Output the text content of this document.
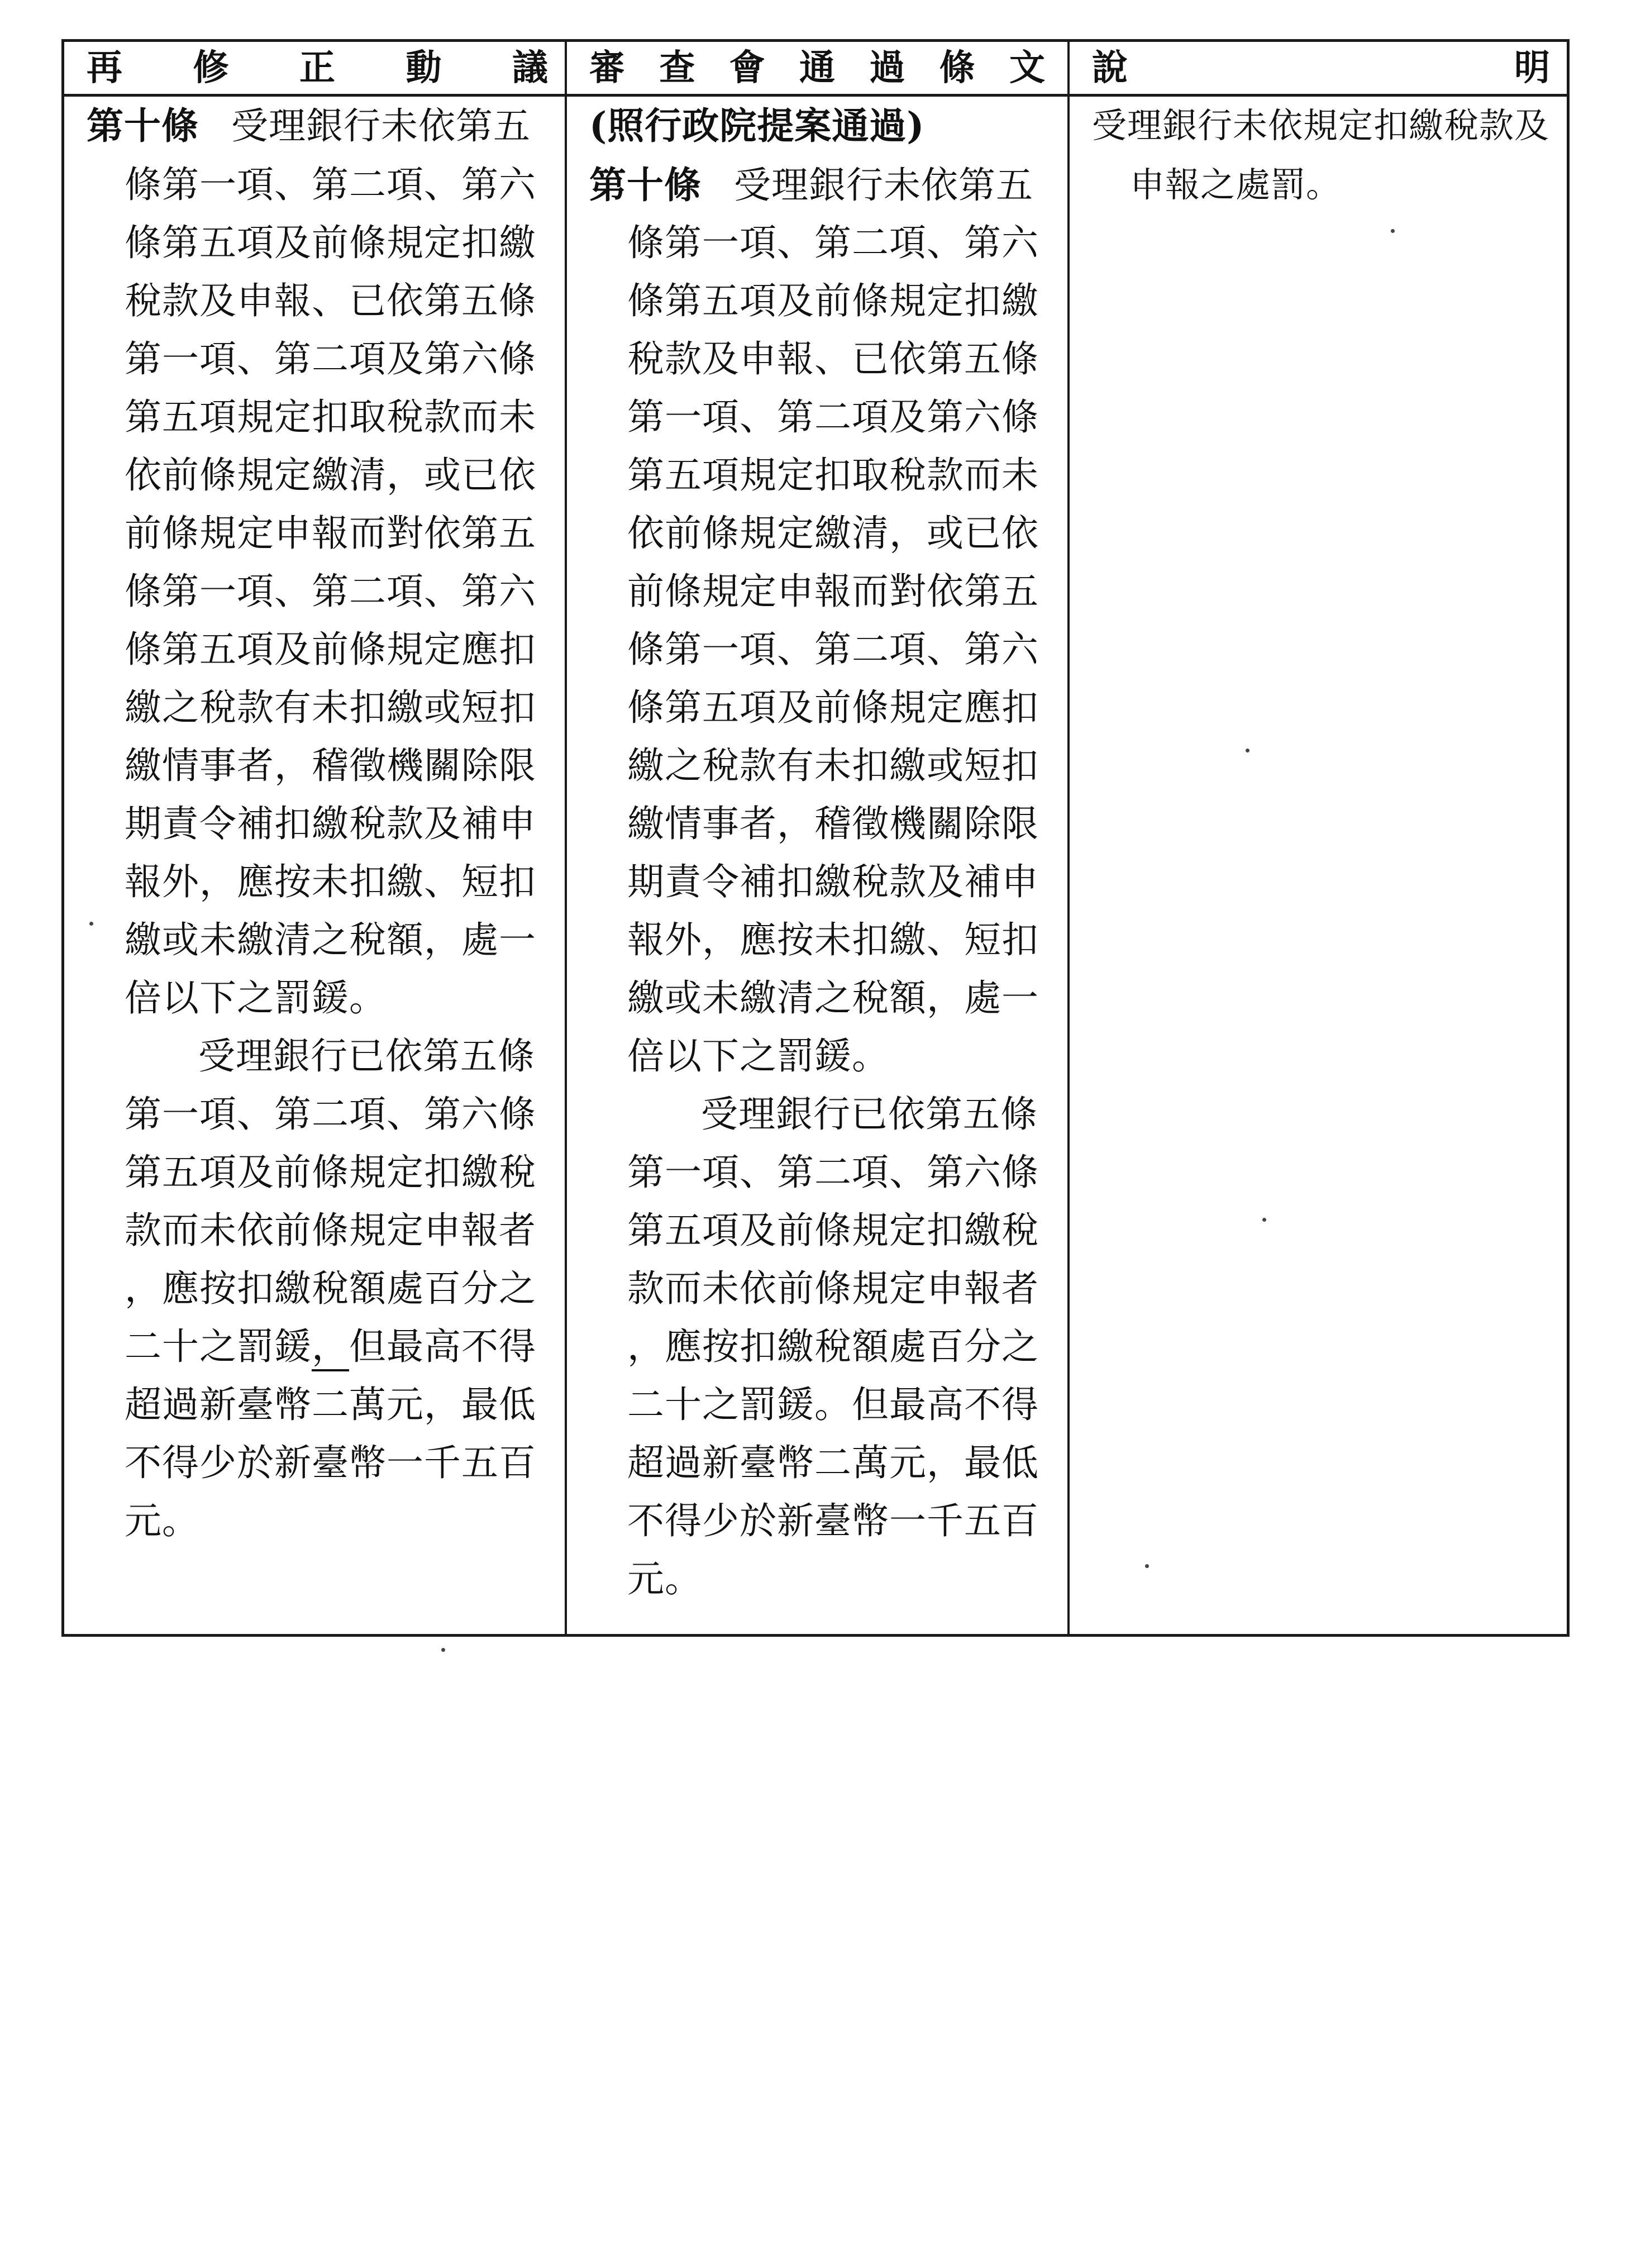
再 修 正 動 議
第十條 受理銀行未依第五
條第一項、第二項、第六
條第五項及前條規定扣繳
稅款及申報、已依第五條
第一項、第二項及第六條
第五項規定扣取稅款而未
依前條規定繳清，或已依
前條規定申報而對依第五
條第一項、第二項、第六
條第五項及前條規定應扣
繳之稅款有未扣繳或短扣
繳情事者，稽徵機關除限
期責令補扣繳稅款及補申
報外，應按未扣繳、短扣
繳或未繳清之稅額，處一
倍以下之罰鍰。
受理銀行已依第五條
第一項、第二項、第六條
第五項及前條規定扣繳稅
款而未依前條規定申報者
，應按扣繳稅額處百分之
二十之罰鍰，但最高不得
超過新臺幣二萬元，最低
不得少於新臺幣一千五百
元。
審 查 會 通 過 條 文
(照行政院提案通過)
第十條 受理銀行未依第五
條第一項、第二項、第六
條第五項及前條規定扣繳
稅款及申報、已依第五條
第一項、第二項及第六條
第五項規定扣取稅款而未
依前條規定繳清，或已依
前條規定申報而對依第五
條第一項、第二項、第六
條第五項及前條規定應扣
繳之稅款有未扣繳或短扣
繳情事者，稽徵機關除限
期責令補扣繳稅款及補申
報外，應按未扣繳、短扣
繳或未繳清之稅額，處一
倍以下之罰鍰。
受理銀行已依第五條
第一項、第二項、第六條
第五項及前條規定扣繳稅
款而未依前條規定申報者
，應按扣繳稅額處百分之
二十之罰鍰。但最高不得
超過新臺幣二萬元，最低
不得少於新臺幣一千五百
元。
說	明
受理銀行未依規定扣繳稅款及
申報之處罰。
